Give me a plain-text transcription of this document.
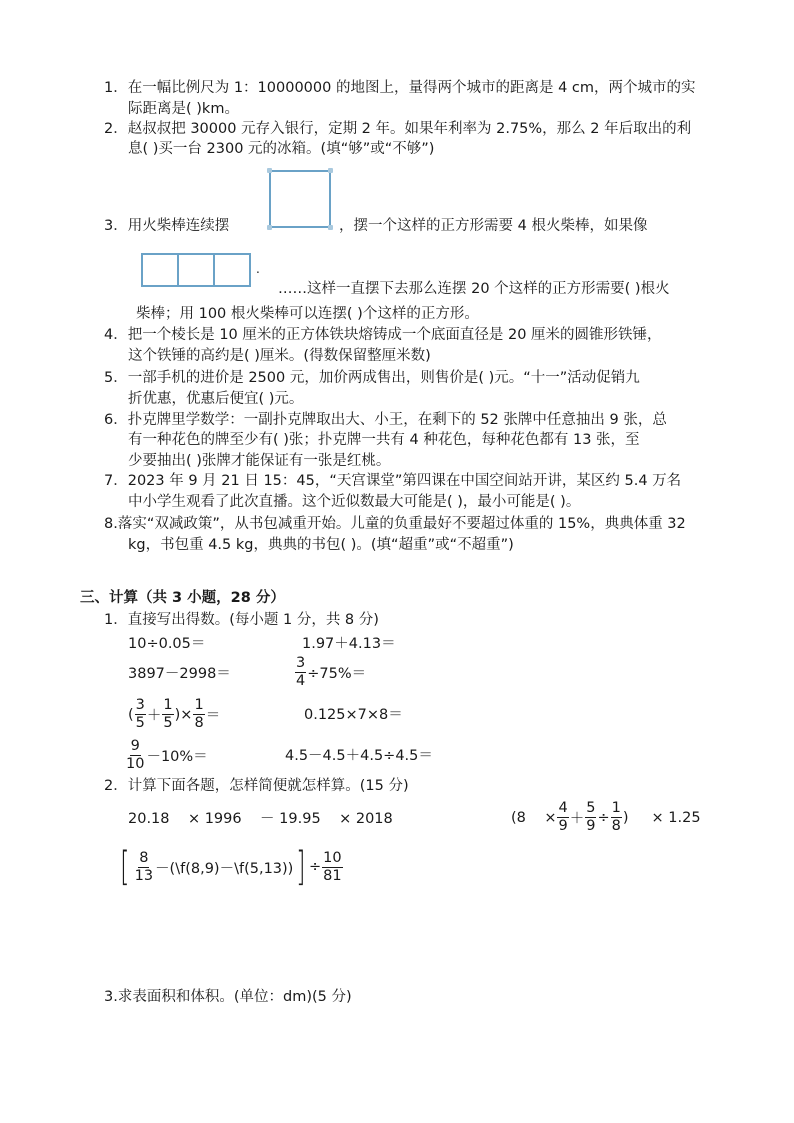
1．在一幅比例尺为 1：10000000 的地图上，量得两个城市的距离是 4 cm，两个城市的实
际距离是( )km。
2．赵叔叔把 30000 元存入银行，定期 2 年。如果年利率为 2.75%，那么 2 年后取出的利
息( )买一台 2300 元的冰箱。(填“够”或“不够”)
3．用火柴棒连续摆	，摆一个这样的正方形需要 4 根火柴棒，如果像
.
……这样一直摆下去那么连摆 20 个这样的正方形需要( )根火
柴棒；用 100 根火柴棒可以连摆( )个这样的正方形。
4．把一个棱长是 10 厘米的正方体铁块熔铸成一个底面直径是 20 厘米的圆锥形铁锤，
这个铁锤的高约是( )厘米。(得数保留整厘米数)
5．一部手机的进价是 2500 元，加价两成售出，则售价是( )元。“十一”活动促销九
折优惠，优惠后便宜( )元。
6．扑克牌里学数学：一副扑克牌取出大、小王，在剩下的 52 张牌中任意抽出 9 张，总
有一种花色的牌至少有( )张；扑克牌一共有 4 种花色，每种花色都有 13 张，至
少要抽出( )张牌才能保证有一张是红桃。
7．2023 年 9 月 21 日 15：45，“天宫课堂”第四课在中国空间站开讲，某区约 5.4 万名
中小学生观看了此次直播。这个近似数最大可能是( )，最小可能是( )。
8.落实“双减政策”，从书包减重开始。儿童的负重最好不要超过体重的 15%，典典体重 32
kg，书包重 4.5 kg，典典的书包( )。(填“超重”或“不超重”)
三、计算（共 3 小题，28 分）
1．直接写出得数。(每小题 1 分，共 8 分)
10÷0.05＝	1.97＋4.13＝
3897－2998＝	$\frac{3}{4} \div 75\%=$
( $\frac{3}{5} + \frac{1}{5}$ )× $\frac{1}{8}$ ＝	0.125×7×8＝
$\frac{9}{10} -10\%=$	4.5－4.5＋4.5÷4.5＝
2．计算下面各题，怎样简便就怎样算。(15 分)
20.18    × 1996    － 19.95    × 2018	(8    × $\frac{4}{9} + \frac{5}{9} \div \frac{1}{8}$ )     × 1.25
[ $\frac{8}{13}$ －(\f(8,9)－\f(5,13)) ] ÷ $\frac{10}{81}$
3.求表面积和体积。(单位：dm)(5 分)
